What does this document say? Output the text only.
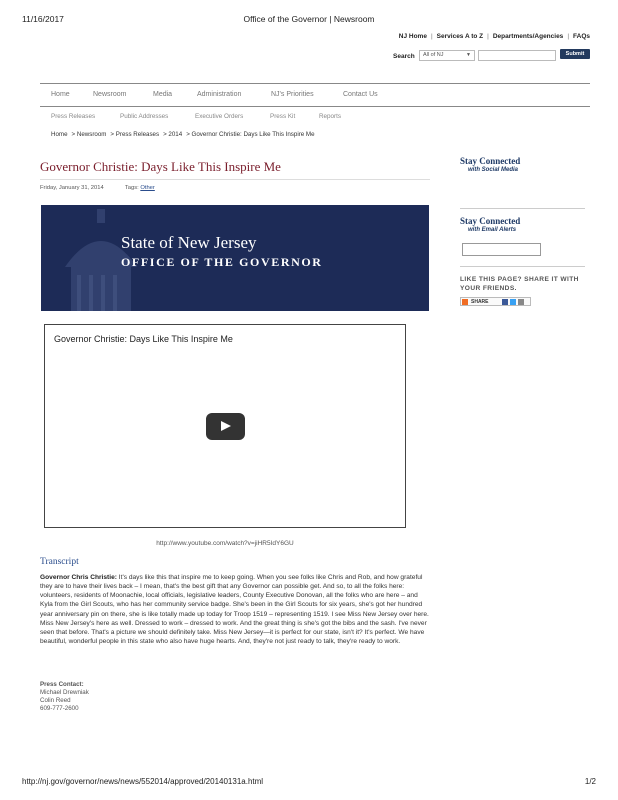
11/16/2017	Office of the Governor | Newsroom
NJ Home | Services A to Z | Departments/Agencies | FAQs
Search	All of NJ	▼	Submit
Home	Newsroom	Media	Administration	NJ's Priorities	Contact Us
Press Releases	Public Addresses	Executive Orders	Press Kit	Reports
Home > Newsroom > Press Releases > 2014 > Governor Christie: Days Like This Inspire Me
Governor Christie: Days Like This Inspire Me
Friday, January 31, 2014	Tags: Other
State of New Jersey
OFFICE OF THE GOVERNOR
Governor Christie: Days Like This Inspire Me
http://www.youtube.com/watch?v=jiHR5IdY6GU
Transcript
Governor Chris Christie: It's days like this that inspire me to keep going. When you see folks like Chris and Rob, and how grateful they are to have their lives back – I mean, that's the best gift that any Governor can possible get. And so, to all the folks here: volunteers, residents of Moonachie, local officials, legislative leaders, County Executive Donovan, all the folks who are here – and Kyla from the Girl Scouts, who has her community service badge. She's been in the Girl Scouts for six years, she's got her hundred year anniversary pin on there, she is like totally made up today for Troop 1519 – representing 1519. I see Miss New Jersey over here. Miss New Jersey's here as well. Dressed to work – dressed to work. And the great thing is she's got the bibs and the sash. I've never seen that before. That's a picture we should definitely take. Miss New Jersey—it is perfect for our state, isn't it? It's perfect. We have beautiful, wonderful people in this state who also have huge hearts. And, they're not just ready to talk, they're ready to work.
Press Contact:
Michael Drewniak
Colin Reed
609-777-2600
Stay Connected
with Social Media
Stay Connected
with Email Alerts
LIKE THIS PAGE? SHARE IT WITH YOUR FRIENDS.
SHARE
http://nj.gov/governor/news/news/552014/approved/20140131a.html	1/2
